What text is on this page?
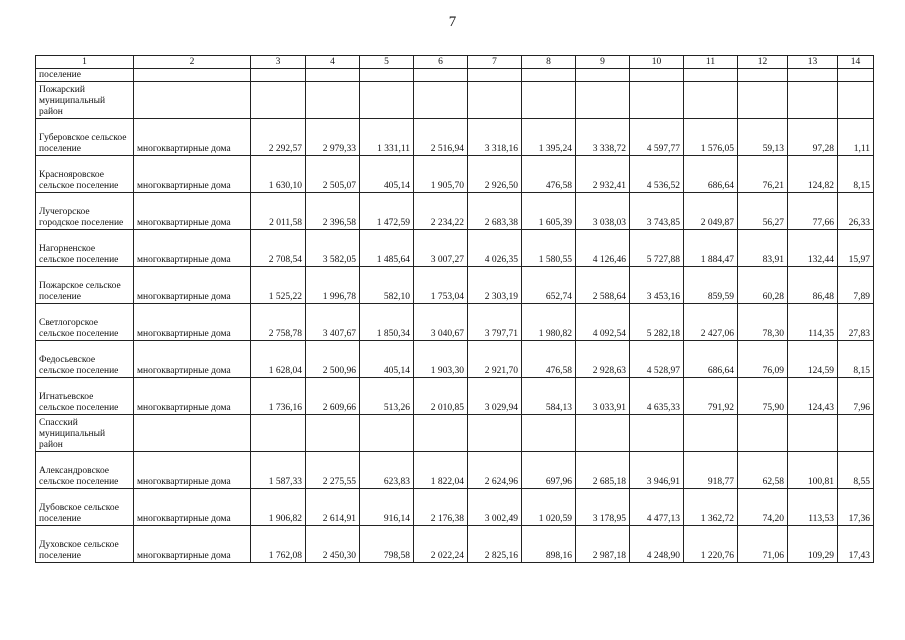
7
1	2	3	4	5	6	7	8	9	10	11	12	13	14
поселение													
Пожарский муниципальный район													
Губеровское сельское поселение	многоквартирные дома	2 292,57	2 979,33	1 331,11	2 516,94	3 318,16	1 395,24	3 338,72	4 597,77	1 576,05	59,13	97,28	1,11
Краснояровское сельское поселение	многоквартирные дома	1 630,10	2 505,07	405,14	1 905,70	2 926,50	476,58	2 932,41	4 536,52	686,64	76,21	124,82	8,15
Лучегорское городское поселение	многоквартирные дома	2 011,58	2 396,58	1 472,59	2 234,22	2 683,38	1 605,39	3 038,03	3 743,85	2 049,87	56,27	77,66	26,33
Нагорненское сельское поселение	многоквартирные дома	2 708,54	3 582,05	1 485,64	3 007,27	4 026,35	1 580,55	4 126,46	5 727,88	1 884,47	83,91	132,44	15,97
Пожарское сельское поселение	многоквартирные дома	1 525,22	1 996,78	582,10	1 753,04	2 303,19	652,74	2 588,64	3 453,16	859,59	60,28	86,48	7,89
Светлогорское сельское поселение	многоквартирные дома	2 758,78	3 407,67	1 850,34	3 040,67	3 797,71	1 980,82	4 092,54	5 282,18	2 427,06	78,30	114,35	27,83
Федосьевское сельское поселение	многоквартирные дома	1 628,04	2 500,96	405,14	1 903,30	2 921,70	476,58	2 928,63	4 528,97	686,64	76,09	124,59	8,15
Игнатьевское сельское поселение	многоквартирные дома	1 736,16	2 609,66	513,26	2 010,85	3 029,94	584,13	3 033,91	4 635,33	791,92	75,90	124,43	7,96
Спасский муниципальный район													
Александровское сельское поселение	многоквартирные дома	1 587,33	2 275,55	623,83	1 822,04	2 624,96	697,96	2 685,18	3 946,91	918,77	62,58	100,81	8,55
Дубовское сельское поселение	многоквартирные дома	1 906,82	2 614,91	916,14	2 176,38	3 002,49	1 020,59	3 178,95	4 477,13	1 362,72	74,20	113,53	17,36
Духовское сельское поселение	многоквартирные дома	1 762,08	2 450,30	798,58	2 022,24	2 825,16	898,16	2 987,18	4 248,90	1 220,76	71,06	109,29	17,43
